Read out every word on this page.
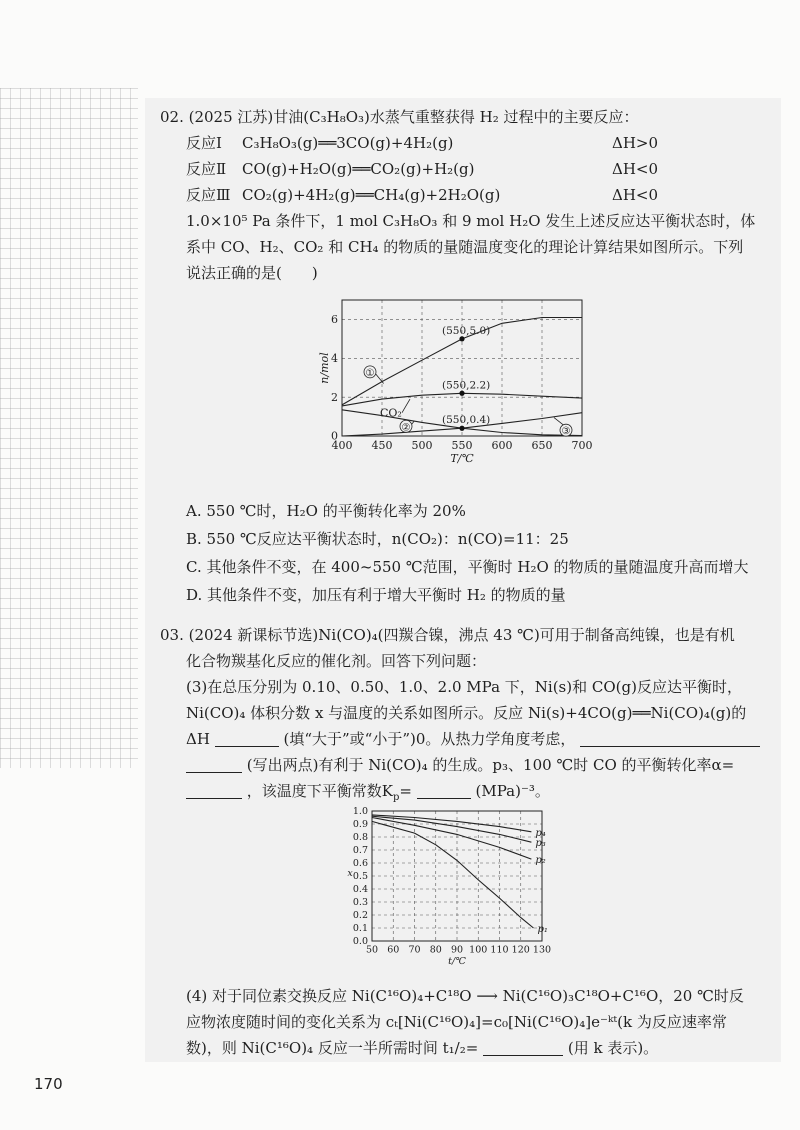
02. (2025 江苏)甘油(C₃H₈O₃)水蒸气重整获得 H₂ 过程中的主要反应：
反应Ⅰ	C₃H₈O₃(g)══3CO(g)+4H₂(g)	ΔH>0
反应Ⅱ	CO(g)+H₂O(g)══CO₂(g)+H₂(g)	ΔH<0
反应Ⅲ CO₂(g)+4H₂(g)══CH₄(g)+2H₂O(g)	ΔH<0
1.0×10⁵ Pa 条件下，1 mol C₃H₈O₃ 和 9 mol H₂O 发生上述反应达平衡状态时，体
系中 CO、H₂、CO₂ 和 CH₄ 的物质的量随温度变化的理论计算结果如图所示。下列
说法正确的是(　　)
A. 550 ℃时，H₂O 的平衡转化率为 20%
B. 550 ℃反应达平衡状态时，n(CO₂)：n(CO)=11：25
C. 其他条件不变，在 400~550 ℃范围，平衡时 H₂O 的物质的量随温度升高而增大
D. 其他条件不变，加压有利于增大平衡时 H₂ 的物质的量
03. (2024 新课标节选)Ni(CO)₄(四羰合镍，沸点 43 ℃)可用于制备高纯镍，也是有机
化合物羰基化反应的催化剂。回答下列问题：
(3)在总压分别为 0.10、0.50、1.0、2.0 MPa 下，Ni(s)和 CO(g)反应达平衡时，
Ni(CO)₄ 体积分数 x 与温度的关系如图所示。反应 Ni(s)+4CO(g)══Ni(CO)₄(g)的
ΔH	(填“大于”或“小于”)0。从热力学角度考虑，
(写出两点)有利于 Ni(CO)₄ 的生成。p₃、100 ℃时 CO 的平衡转化率α=
，该温度下平衡常数$K_p=$	(MPa)⁻³。
(4) 对于同位素交换反应 Ni(C¹⁶O)₄+C¹⁸O ⟶ Ni(C¹⁶O)₃C¹⁸O+C¹⁶O，20 ℃时反
应物浓度随时间的变化关系为 cₜ[Ni(C¹⁶O)₄]=c₀[Ni(C¹⁶O)₄]e⁻ᵏᵗ(k 为反应速率常
数)，则 Ni(C¹⁶O)₄ 反应一半所需时间 t₁/₂=	(用 k 表示)。
400 450 500 550 600 650 700
0
2
4
6
T/℃
n/mol
(550,5.0)
(550,2.2)
(550,0.4)
①
CO₂
②	③
50 60 70 80 90 100 110 120 130
0.0
0.1
0.2
0.3
0.4
0.5
0.6
0.7
0.8
0.9
1.0
t/℃
x
p₄
p₃
p₂
p₁
170
